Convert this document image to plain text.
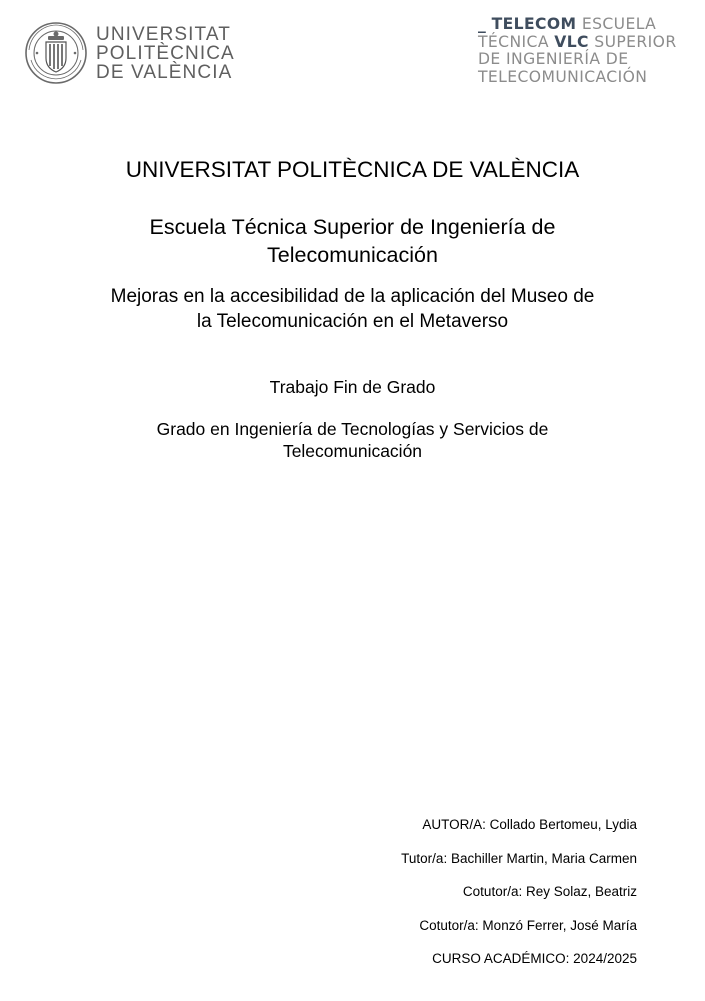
UNIVERSITAT
POLITÈCNICA
DE VALÈNCIA
_ TELECOM ESCUELA
TÉCNICA VLC SUPERIOR
DE INGENIERÍA DE
TELECOMUNICACIÓN
UNIVERSITAT POLITÈCNICA DE VALÈNCIA
Escuela Técnica Superior de Ingeniería de
Telecomunicación
Mejoras en la accesibilidad de la aplicación del Museo de
la Telecomunicación en el Metaverso
Trabajo Fin de Grado
Grado en Ingeniería de Tecnologías y Servicios de
Telecomunicación
AUTOR/A: Collado Bertomeu, Lydia
Tutor/a: Bachiller Martin, Maria Carmen
Cotutor/a: Rey Solaz, Beatriz
Cotutor/a: Monzó Ferrer, José María
CURSO ACADÉMICO: 2024/2025
